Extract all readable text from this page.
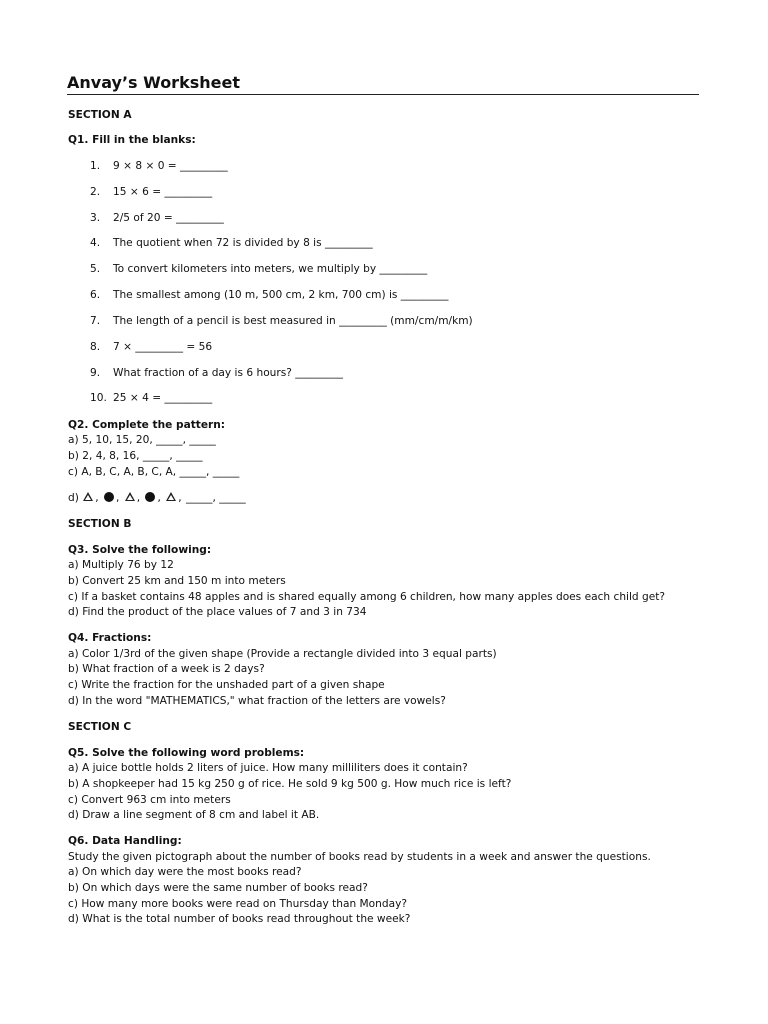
Anvay’s Worksheet
SECTION A
Q1. Fill in the blanks:
1.	9 × 8 × 0 = _________
2.	15 × 6 = _________
3.	2/5 of 20 = _________
4.	The quotient when 72 is divided by 8 is _________
5.	To convert kilometers into meters, we multiply by _________
6.	The smallest among (10 m, 500 cm, 2 km, 700 cm) is _________
7.	The length of a pencil is best measured in _________ (mm/cm/m/km)
8.	7 × _________ = 56
9.	What fraction of a day is 6 hours? _________
10. 25 × 4 = _________
Q2. Complete the pattern:
a) 5, 10, 15, 20, _____, _____
b) 2, 4, 8, 16, _____, _____
c) A, B, C, A, B, C, A, _____, _____
d) , , , , , _____, _____
SECTION B
Q3. Solve the following:
a) Multiply 76 by 12
b) Convert 25 km and 150 m into meters
c) If a basket contains 48 apples and is shared equally among 6 children, how many apples does each child get?
d) Find the product of the place values of 7 and 3 in 734
Q4. Fractions:
a) Color 1/3rd of the given shape (Provide a rectangle divided into 3 equal parts)
b) What fraction of a week is 2 days?
c) Write the fraction for the unshaded part of a given shape
d) In the word "MATHEMATICS," what fraction of the letters are vowels?
SECTION C
Q5. Solve the following word problems:
a) A juice bottle holds 2 liters of juice. How many milliliters does it contain?
b) A shopkeeper had 15 kg 250 g of rice. He sold 9 kg 500 g. How much rice is left?
c) Convert 963 cm into meters
d) Draw a line segment of 8 cm and label it AB.
Q6. Data Handling:
Study the given pictograph about the number of books read by students in a week and answer the questions.
a) On which day were the most books read?
b) On which days were the same number of books read?
c) How many more books were read on Thursday than Monday?
d) What is the total number of books read throughout the week?
